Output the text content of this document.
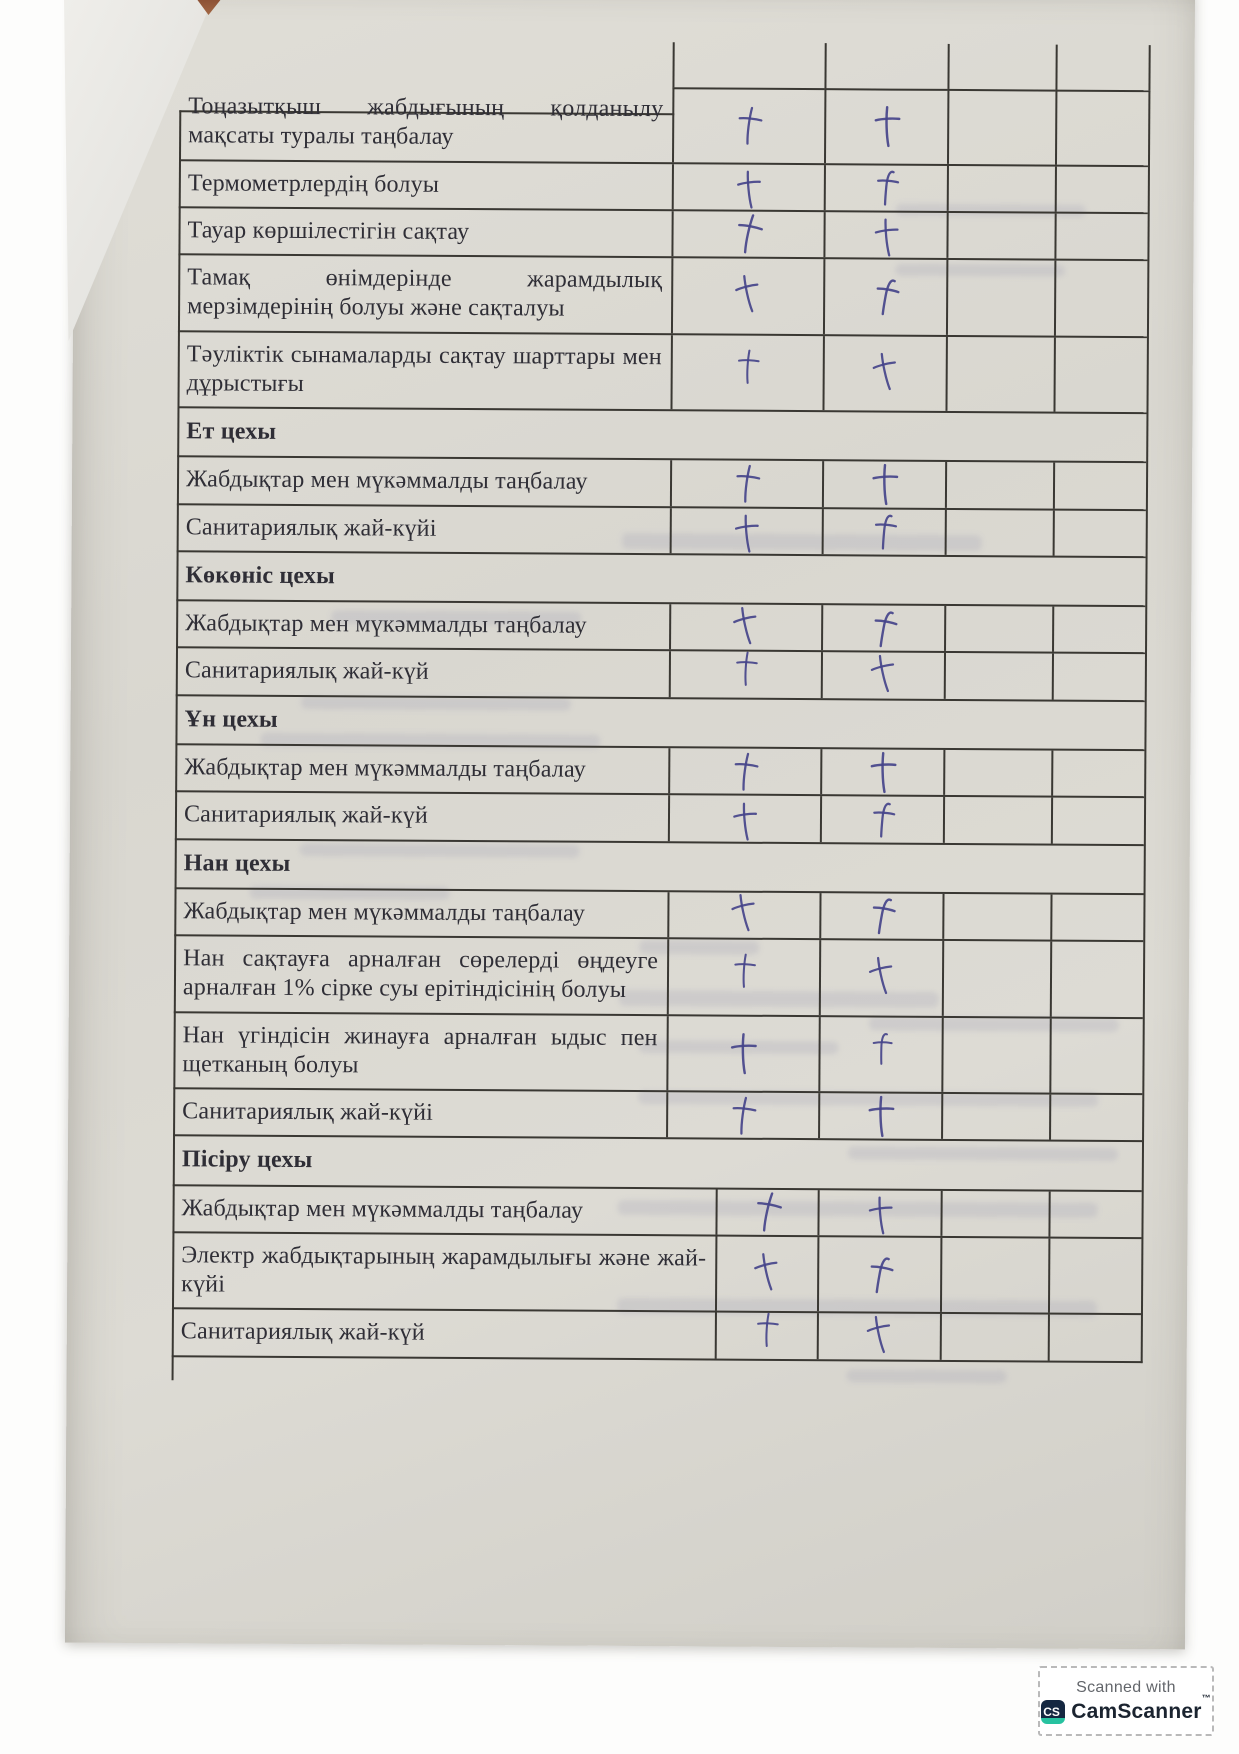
Тоңазытқыш жабдығының қолданылу мақсаты туралы таңбалау
Термометрлердің болуы
Тауар көршілестігін сақтау
Тамақ өнімдерінде жарамдылық мерзімдерінің болуы және сақталуы
Тәуліктік сынамаларды сақтау шарттары мен дұрыстығы
Ет цехы
Жабдықтар мен мүкәммалды таңбалау
Санитариялық жай-күйі
Көкөніс цехы
Жабдықтар мен мүкәммалды таңбалау
Санитариялық жай-күй
Ұн цехы
Жабдықтар мен мүкәммалды таңбалау
Санитариялық жай-күй
Нан цехы
Жабдықтар мен мүкәммалды таңбалау
Нан сақтауға арналған сөрелерді өңдеуге арналған 1% сірке суы ерітіндісінің болуы
Нан үгіндісін жинауға арналған ыдыс пен щетканың болуы
Санитариялық жай-күйі
Пісіру цехы
Жабдықтар мен мүкәммалды таңбалау
Электр жабдықтарының жарамдылығы және жай-күйі
Санитариялық жай-күй
Scanned with
CS CamScanner™
